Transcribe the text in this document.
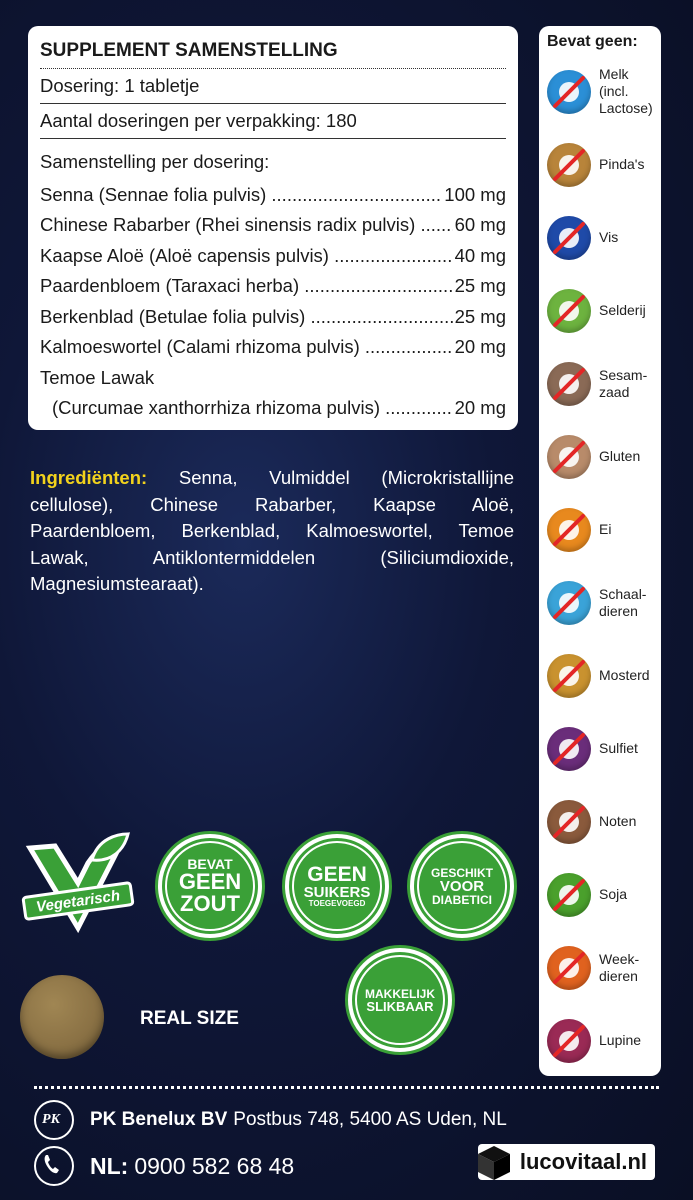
SUPPLEMENT SAMENSTELLING
Dosering: 1 tabletje
Aantal doseringen per verpakking: 180
Samenstelling per dosering:
Senna (Sennae folia pulvis) .....	100 mg
Chinese Rabarber (Rhei sinensis radix pulvis) .....	60 mg
Kaapse Aloë (Aloë capensis pulvis) .....	40 mg
Paardenbloem (Taraxaci herba) .....	25 mg
Berkenblad (Betulae folia pulvis) .....	25 mg
Kalmoeswortel (Calami rhizoma pulvis) .....	20 mg
Temoe Lawak
(Curcumae xanthorrhiza rhizoma pulvis) .....	20 mg
Ingrediënten: Senna, Vulmiddel (Microkristallijne cellulose), Chinese Rabarber, Kaapse Aloë, Paardenbloem, Berkenblad, Kalmoeswortel, Temoe Lawak, Antiklontermiddelen (Siliciumdioxide, Magnesiumstearaat).
Bevat geen:
Melk (incl. Lactose)
Pinda's
Vis
Selderij
Sesam-zaad
Gluten
Ei
Schaal-dieren
Mosterd
Sulfiet
Noten
Soja
Week-dieren
Lupine
Vegetarisch
BEVAT
GEEN
ZOUT
GEEN
SUIKERS
TOEGEVOEGD
GESCHIKT
VOOR
DIABETICI
MAKKELIJK
SLIKBAAR
REAL SIZE
PK PK Benelux BV Postbus 748, 5400 AS Uden, NL
NL: 0900 582 68 48	lucovitaal.nl
